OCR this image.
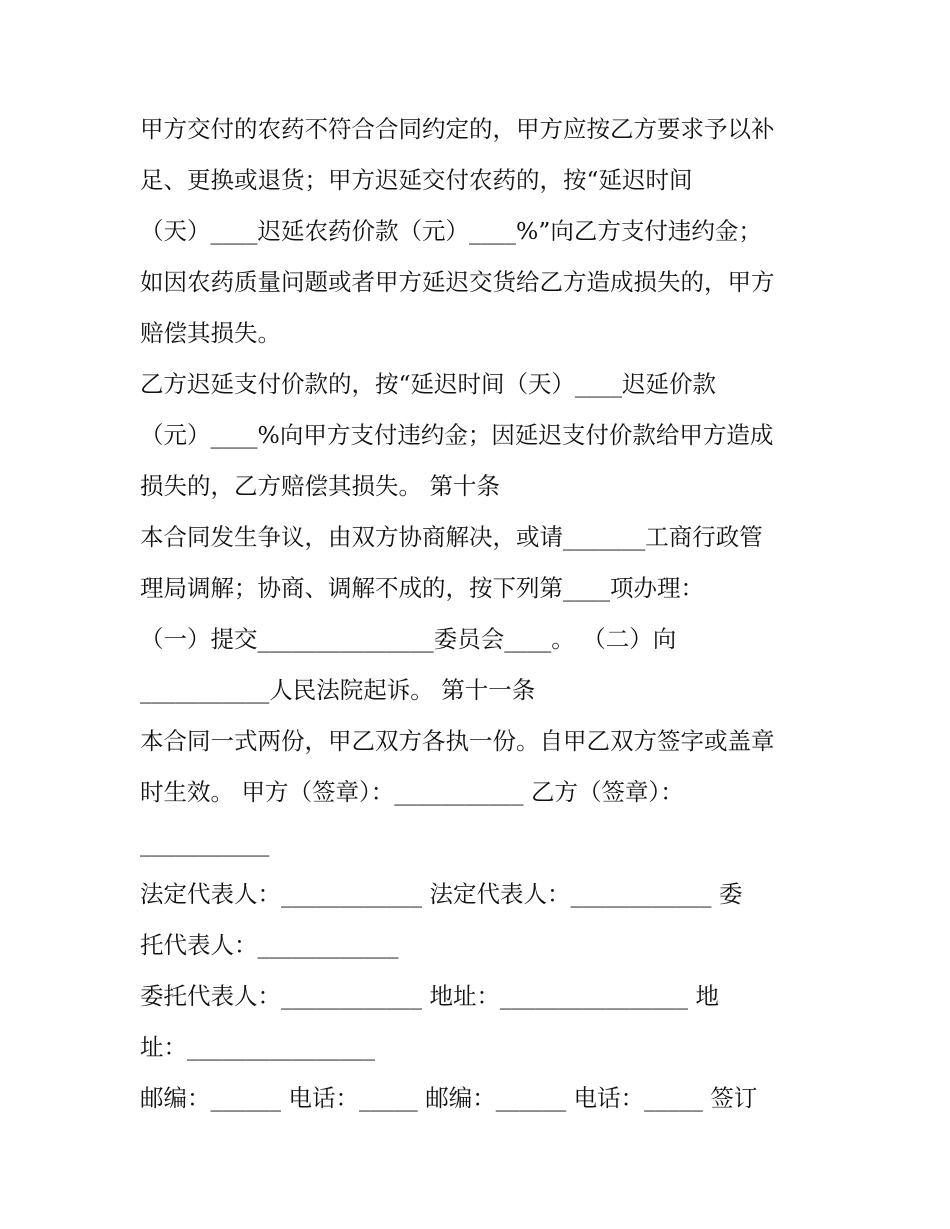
甲方交付的农药不符合合同约定的，甲方应按乙方要求予以补
足、更换或退货；甲方迟延交付农药的，按“延迟时间
（天）____迟延农药价款（元）____%”向乙方支付违约金；
如因农药质量问题或者甲方延迟交货给乙方造成损失的，甲方
赔偿其损失。
乙方迟延支付价款的，按“延迟时间（天）____迟延价款
（元）____%向甲方支付违约金；因延迟支付价款给甲方造成
损失的，乙方赔偿其损失。 第十条
本合同发生争议，由双方协商解决，或请_______工商行政管
理局调解；协商、调解不成的，按下列第____项办理：
（一）提交_______________委员会____。 （二）向
___________人民法院起诉。 第十一条
本合同一式两份，甲乙双方各执一份。自甲乙双方签字或盖章
时生效。 甲方（签章）：___________ 乙方（签章）：
___________
法定代表人：____________ 法定代表人：____________ 委
托代表人：____________
委托代表人：____________ 地址：________________ 地
址：________________
邮编：______ 电话：_____ 邮编：______ 电话：_____ 签订
